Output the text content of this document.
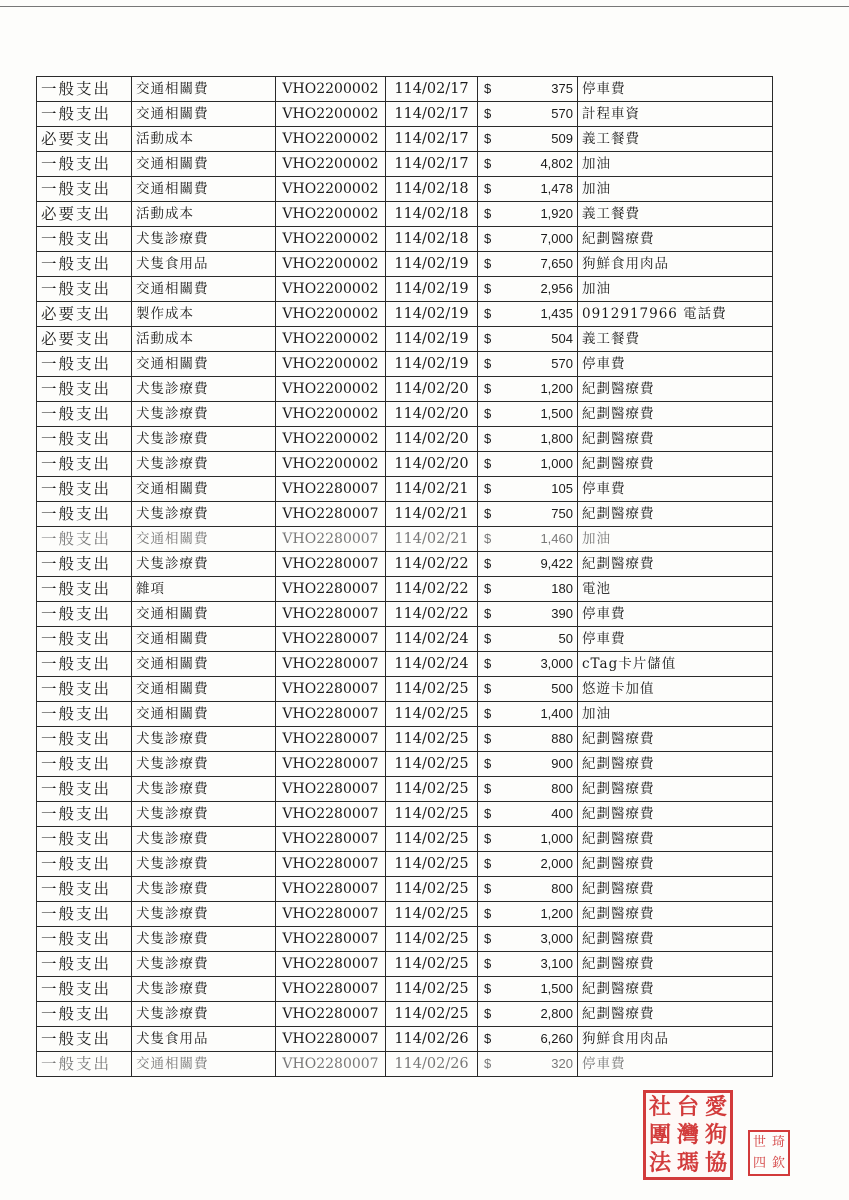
一般支出	交通相關費	VHO2200002	114/02/17	$ 375	停車費
一般支出	交通相關費	VHO2200002	114/02/17	$ 570	計程車資
必要支出	活動成本	VHO2200002	114/02/17	$ 509	義工餐費
一般支出	交通相關費	VHO2200002	114/02/17	$ 4,802	加油
一般支出	交通相關費	VHO2200002	114/02/18	$ 1,478	加油
必要支出	活動成本	VHO2200002	114/02/18	$ 1,920	義工餐費
一般支出	犬隻診療費	VHO2200002	114/02/18	$ 7,000	紀劃醫療費
一般支出	犬隻食用品	VHO2200002	114/02/19	$ 7,650	狗鮮食用肉品
一般支出	交通相關費	VHO2200002	114/02/19	$ 2,956	加油
必要支出	製作成本	VHO2200002	114/02/19	$ 1,435	0912917966 電話費
必要支出	活動成本	VHO2200002	114/02/19	$ 504	義工餐費
一般支出	交通相關費	VHO2200002	114/02/19	$ 570	停車費
一般支出	犬隻診療費	VHO2200002	114/02/20	$ 1,200	紀劃醫療費
一般支出	犬隻診療費	VHO2200002	114/02/20	$ 1,500	紀劃醫療費
一般支出	犬隻診療費	VHO2200002	114/02/20	$ 1,800	紀劃醫療費
一般支出	犬隻診療費	VHO2200002	114/02/20	$ 1,000	紀劃醫療費
一般支出	交通相關費	VHO2280007	114/02/21	$ 105	停車費
一般支出	犬隻診療費	VHO2280007	114/02/21	$ 750	紀劃醫療費
一般支出	交通相關費	VHO2280007	114/02/21	$ 1,460	加油
一般支出	犬隻診療費	VHO2280007	114/02/22	$ 9,422	紀劃醫療費
一般支出	雜項	VHO2280007	114/02/22	$ 180	電池
一般支出	交通相關費	VHO2280007	114/02/22	$ 390	停車費
一般支出	交通相關費	VHO2280007	114/02/24	$ 50	停車費
一般支出	交通相關費	VHO2280007	114/02/24	$ 3,000	cTag卡片儲值
一般支出	交通相關費	VHO2280007	114/02/25	$ 500	悠遊卡加值
一般支出	交通相關費	VHO2280007	114/02/25	$ 1,400	加油
一般支出	犬隻診療費	VHO2280007	114/02/25	$ 880	紀劃醫療費
一般支出	犬隻診療費	VHO2280007	114/02/25	$ 900	紀劃醫療費
一般支出	犬隻診療費	VHO2280007	114/02/25	$ 800	紀劃醫療費
一般支出	犬隻診療費	VHO2280007	114/02/25	$ 400	紀劃醫療費
一般支出	犬隻診療費	VHO2280007	114/02/25	$ 1,000	紀劃醫療費
一般支出	犬隻診療費	VHO2280007	114/02/25	$ 2,000	紀劃醫療費
一般支出	犬隻診療費	VHO2280007	114/02/25	$ 800	紀劃醫療費
一般支出	犬隻診療費	VHO2280007	114/02/25	$ 1,200	紀劃醫療費
一般支出	犬隻診療費	VHO2280007	114/02/25	$ 3,000	紀劃醫療費
一般支出	犬隻診療費	VHO2280007	114/02/25	$ 3,100	紀劃醫療費
一般支出	犬隻診療費	VHO2280007	114/02/25	$ 1,500	紀劃醫療費
一般支出	犬隻診療費	VHO2280007	114/02/25	$ 2,800	紀劃醫療費
一般支出	犬隻食用品	VHO2280007	114/02/26	$ 6,260	狗鮮食用肉品
一般支出	交通相關費	VHO2280007	114/02/26	$ 320	停車費
社 台 愛
團 灣 狗
法 瑪 協
世 琦
四 欽
